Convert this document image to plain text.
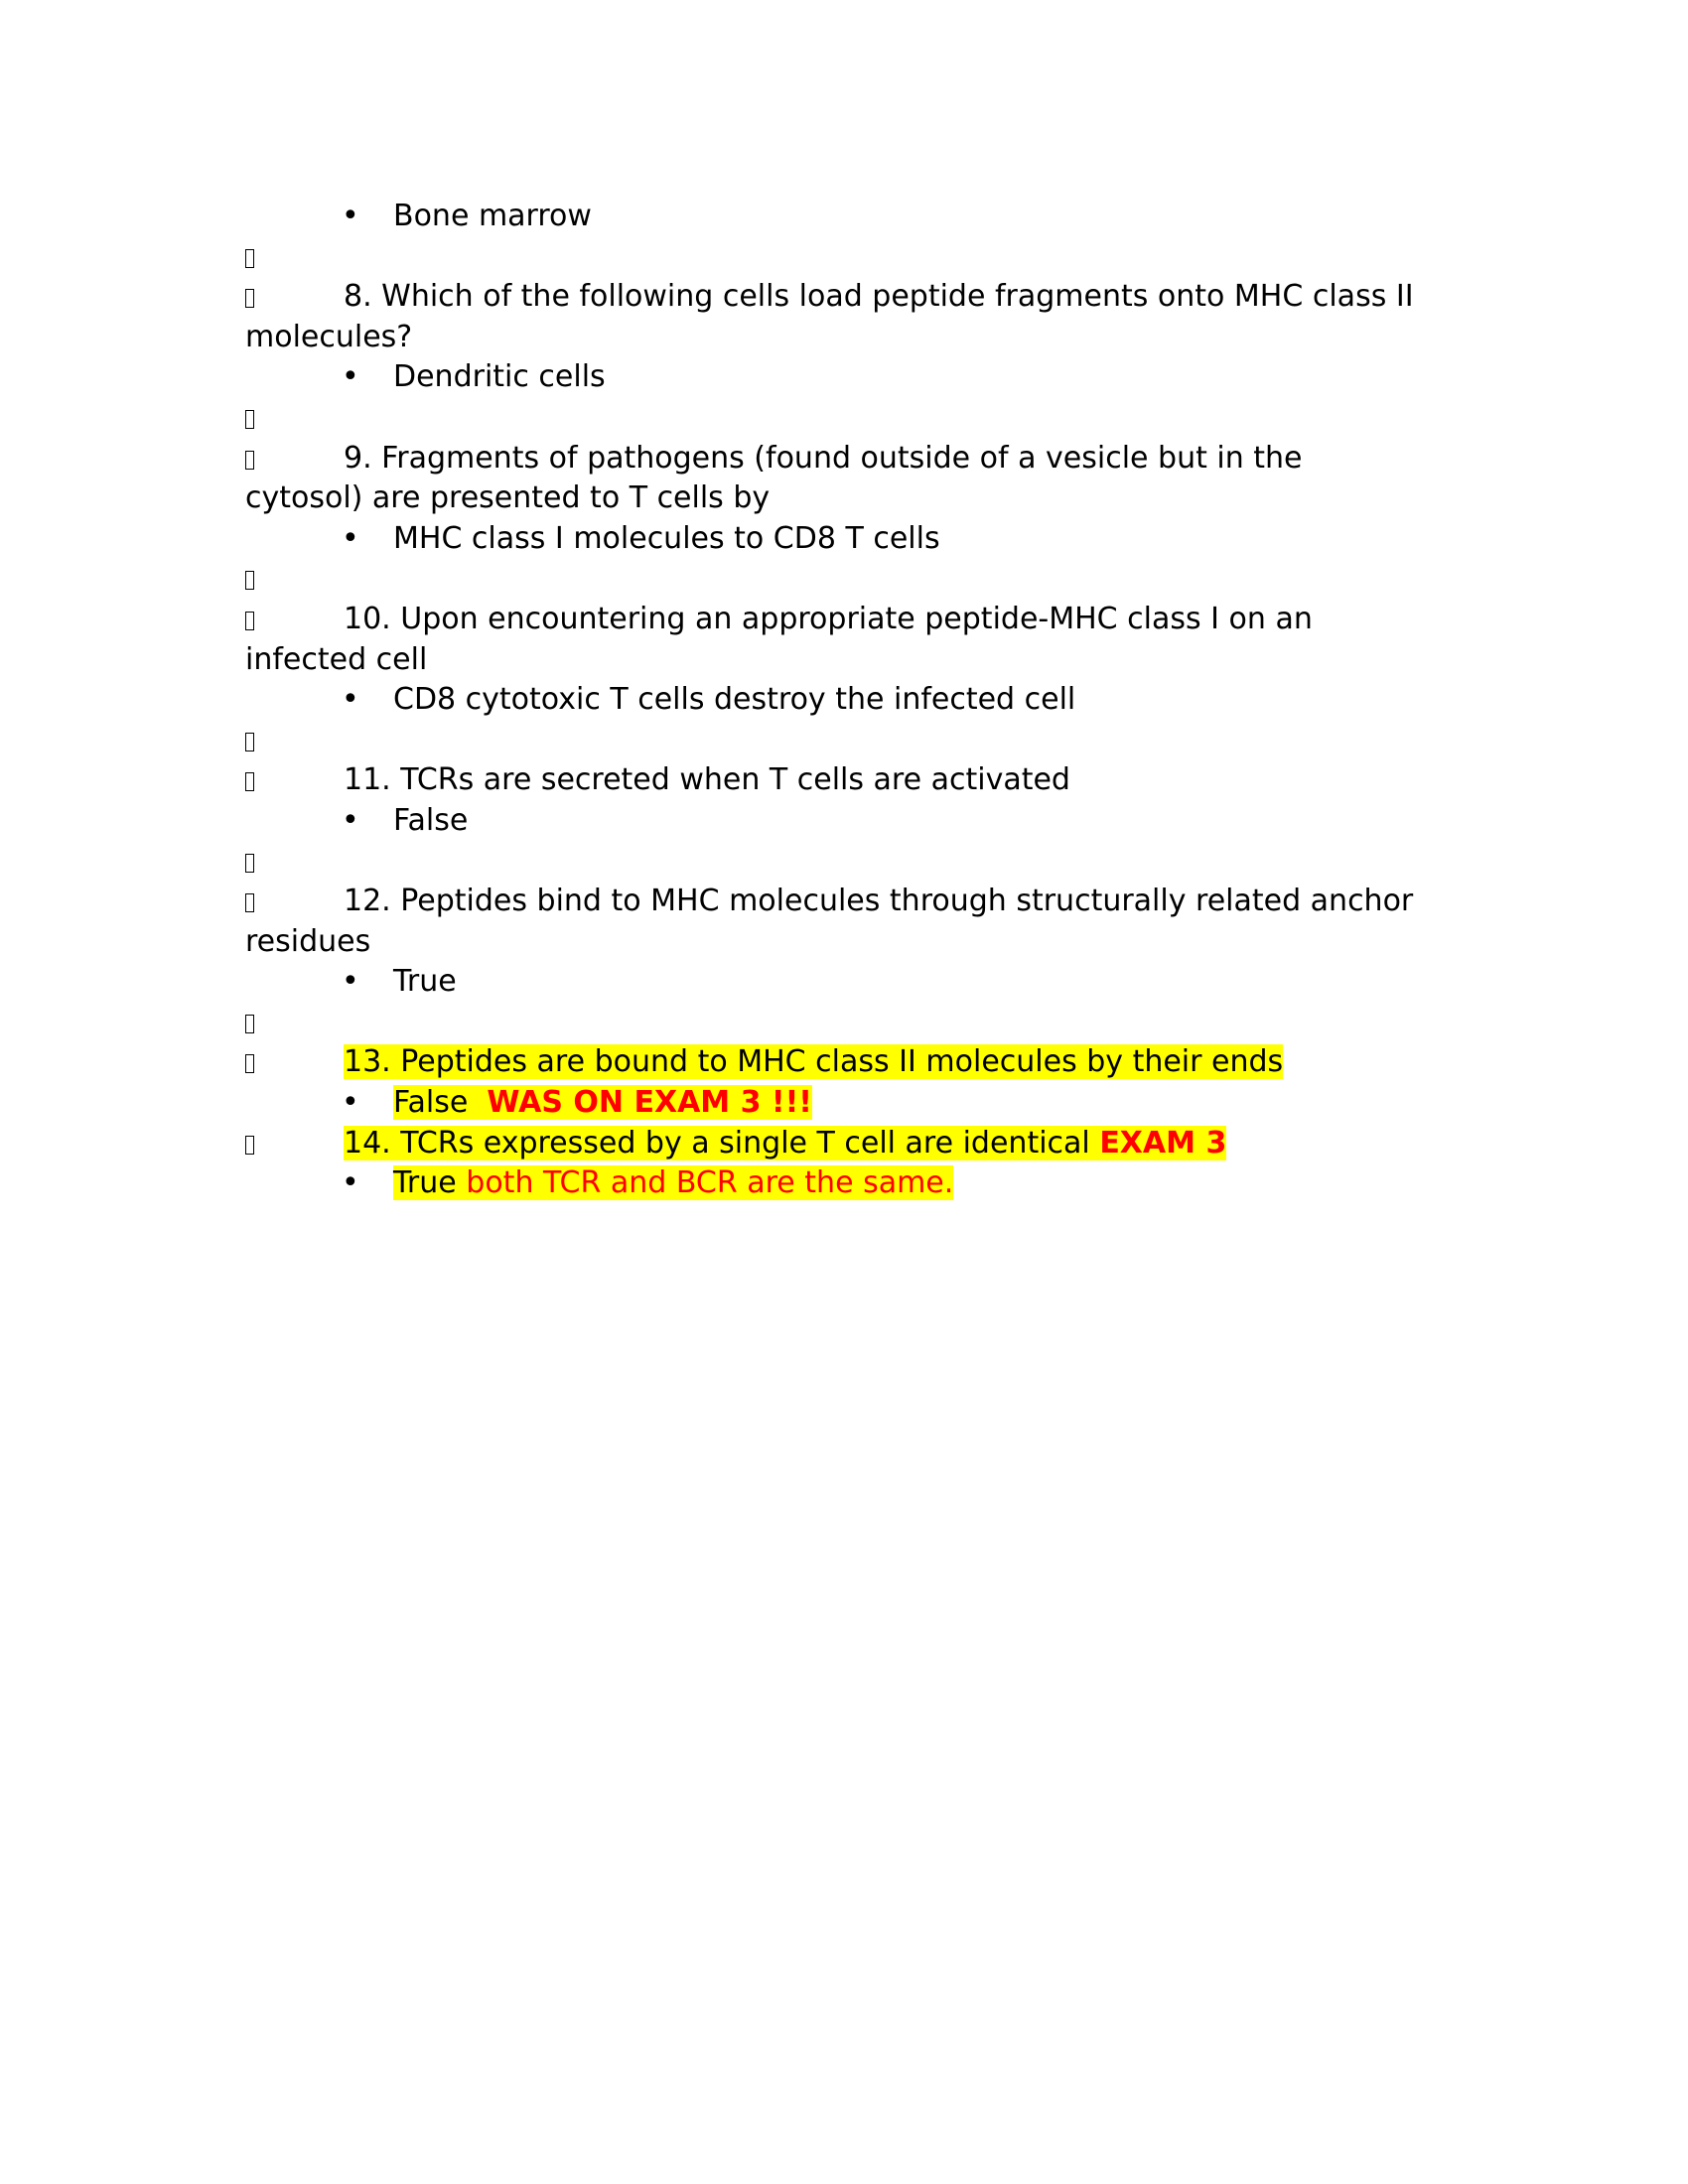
• Bone marrow
8. Which of the following cells load peptide fragments onto MHC class II molecules?
• Dendritic cells
9. Fragments of pathogens (found outside of a vesicle but in the cytosol) are presented to T cells by
• MHC class I molecules to CD8 T cells
10. Upon encountering an appropriate peptide-MHC class I on an infected cell
• CD8 cytotoxic T cells destroy the infected cell
11. TCRs are secreted when T cells are activated
• False
12. Peptides bind to MHC molecules through structurally related anchor residues
• True
13. Peptides are bound to MHC class II molecules by their ends
• False WAS ON EXAM 3 !!!
14. TCRs expressed by a single T cell are identical EXAM 3
• True both TCR and BCR are the same.
